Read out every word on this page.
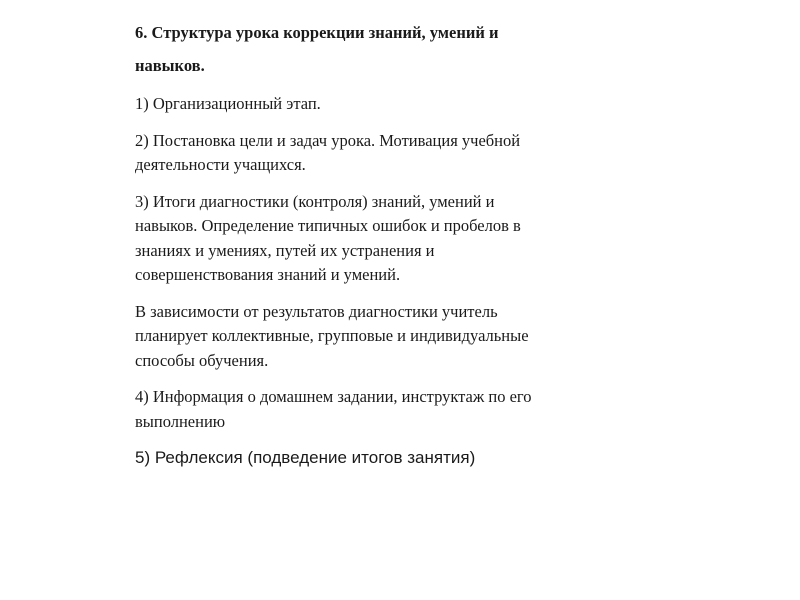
6. Структура урока коррекции знаний, умений и
навыков.
1) Организационный этап.
2) Постановка цели и задач урока. Мотивация учебной
деятельности учащихся.
3) Итоги диагностики (контроля) знаний, умений и
навыков. Определение типичных ошибок и пробелов в
знаниях и умениях, путей их устранения и
совершенствования знаний и умений.
В зависимости от результатов диагностики учитель
планирует коллективные, групповые и индивидуальные
способы обучения.
4) Информация о домашнем задании, инструктаж по его
выполнению
5) Рефлексия (подведение итогов занятия)
